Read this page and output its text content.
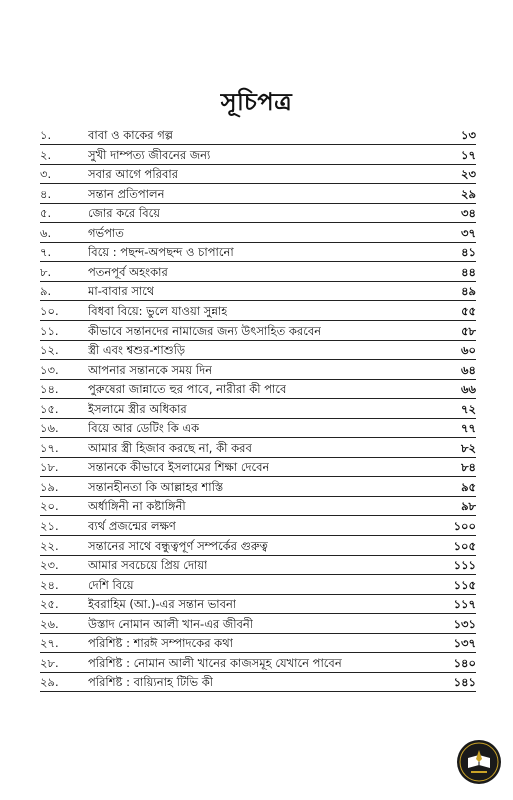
সূচিপত্র
১.	বাবা ও কাকের গল্প	১৩
২.	সুখী দাম্পত্য জীবনের জন্য	১৭
৩.	সবার আগে পরিবার	২৩
৪.	সন্তান প্রতিপালন	২৯
৫.	জোর করে বিয়ে	৩৪
৬.	গর্ভপাত	৩৭
৭.	বিয়ে : পছন্দ-অপছন্দ ও চাপানো	৪১
৮.	পতনপূর্ব অহংকার	৪৪
৯.	মা-বাবার সাথে	৪৯
১০.	বিধবা বিয়ে: ভুলে যাওয়া সুন্নাহ	৫৫
১১.	কীভাবে সন্তানদের নামাজের জন্য উৎসাহিত করবেন	৫৮
১২.	স্ত্রী এবং শ্বশুর-শাশুড়ি	৬০
১৩.	আপনার সন্তানকে সময় দিন	৬৪
১৪.	পুরুষেরা জান্নাতে হুর পাবে, নারীরা কী পাবে	৬৬
১৫.	ইসলামে স্ত্রীর অধিকার	৭২
১৬.	বিয়ে আর ডেটিং কি এক	৭৭
১৭.	আমার স্ত্রী হিজাব করছে না, কী করব	৮২
১৮.	সন্তানকে কীভাবে ইসলামের শিক্ষা দেবেন	৮৪
১৯.	সন্তানহীনতা কি আল্লাহর শাস্তি	৯৫
২০.	অর্ধাঙ্গিনী না কষ্টাঙ্গিনী	৯৮
২১.	ব্যর্থ প্রজন্মের লক্ষণ	১০০
২২.	সন্তানের সাথে বন্ধুত্বপূর্ণ সম্পর্কের গুরুত্ব	১০৫
২৩.	আমার সবচেয়ে প্রিয় দোয়া	১১১
২৪.	দেশি বিয়ে	১১৫
২৫.	ইবরাহিম (আ.)-এর সন্তান ভাবনা	১১৭
২৬.	উস্তাদ নোমান আলী খান-এর জীবনী	১৩১
২৭.	পরিশিষ্ট : শারঈ সম্পাদকের কথা	১৩৭
২৮.	পরিশিষ্ট : নোমান আলী খানের কাজসমূহ যেখানে পাবেন	১৪০
২৯.	পরিশিষ্ট : বায়্যিনাহ টিভি কী	১৪১
